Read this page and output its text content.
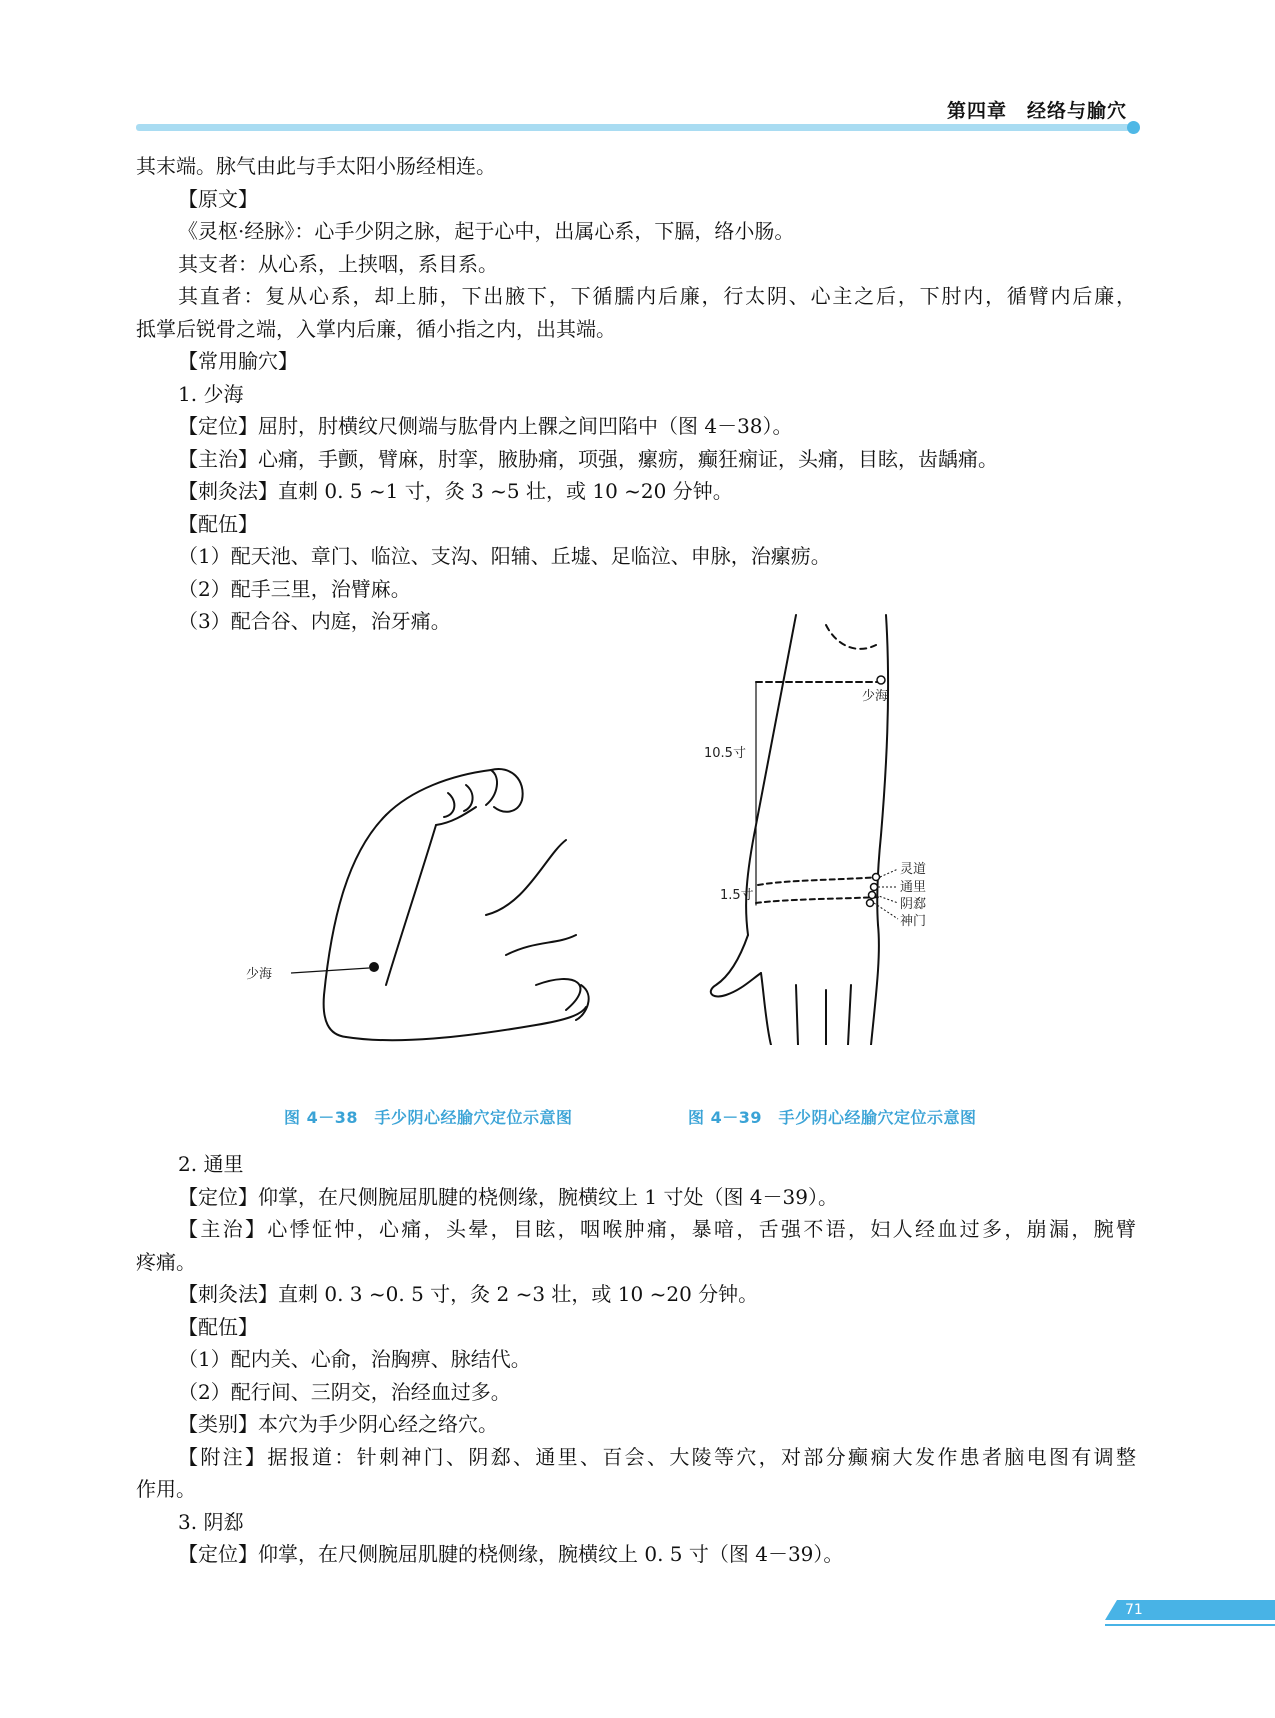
第四章　经络与腧穴

其末端。脉气由此与手太阳小肠经相连。

【原文】

《灵枢·经脉》：心手少阴之脉，起于心中，出属心系，下膈，络小肠。

其支者：从心系，上挟咽，系目系。

其直者：复从心系，却上肺，下出腋下，下循臑内后廉，行太阴、心主之后，下肘内，循臂内后廉，

抵掌后锐骨之端，入掌内后廉，循小指之内，出其端。

【常用腧穴】

1. 少海

【定位】屈肘，肘横纹尺侧端与肱骨内上髁之间凹陷中（图 4－38）。

【主治】心痛，手颤，臂麻，肘挛，腋胁痛，项强，瘰疬，癫狂痫证，头痛，目眩，齿龋痛。

【刺灸法】直刺 0. 5 ~1 寸，灸 3 ~5 壮，或 10 ~20 分钟。

【配伍】

（1）配天池、章门、临泣、支沟、阳辅、丘墟、足临泣、申脉，治瘰疬。

（2）配手三里，治臂麻。

（3）配合谷、内庭，治牙痛。

少海
少海
10.5寸
1.5寸
灵道
通里
阴郄
神门
图 4－38　手少阴心经腧穴定位示意图	图 4－39　手少阴心经腧穴定位示意图

2. 通里

【定位】仰掌，在尺侧腕屈肌腱的桡侧缘，腕横纹上 1 寸处（图 4－39）。

【主治】心悸怔忡，心痛，头晕，目眩，咽喉肿痛，暴喑，舌强不语，妇人经血过多，崩漏，腕臂

疼痛。

【刺灸法】直刺 0. 3 ~0. 5 寸，灸 2 ~3 壮，或 10 ~20 分钟。

【配伍】

（1）配内关、心俞，治胸痹、脉结代。

（2）配行间、三阴交，治经血过多。

【类别】本穴为手少阴心经之络穴。

【附注】据报道：针刺神门、阴郄、通里、百会、大陵等穴，对部分癫痫大发作患者脑电图有调整

作用。

3. 阴郄

【定位】仰掌，在尺侧腕屈肌腱的桡侧缘，腕横纹上 0. 5 寸（图 4－39）。

71
